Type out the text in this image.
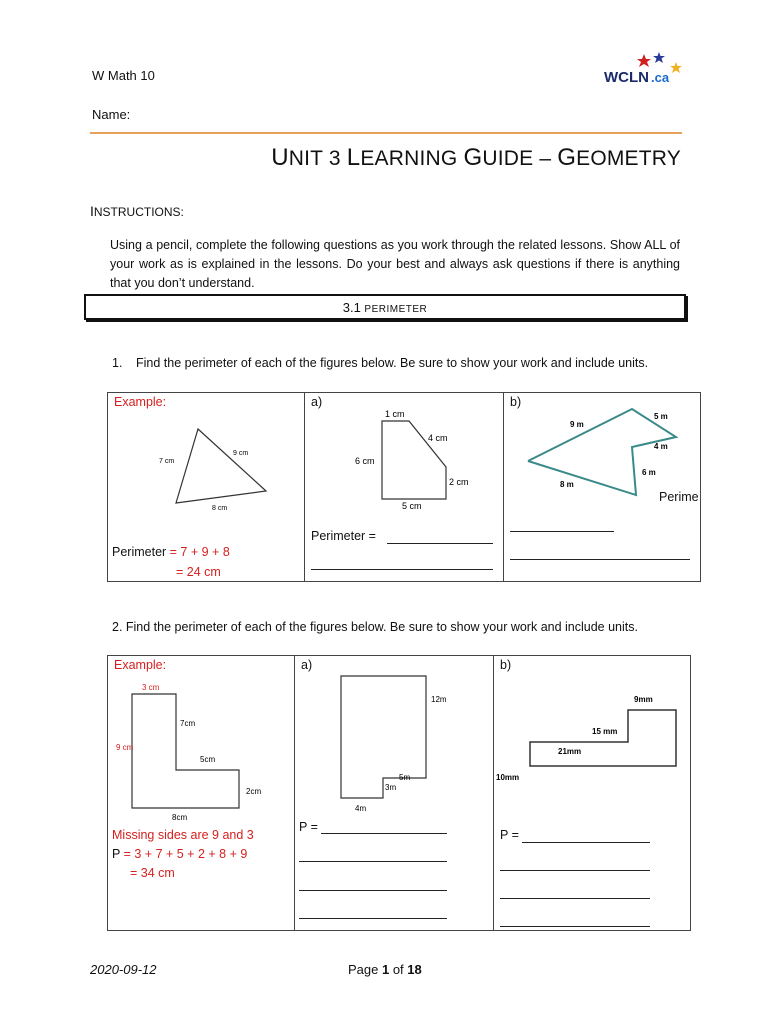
W Math 10
Name:
WCLN .ca
UNIT 3 LEARNING GUIDE – GEOMETRY
INSTRUCTIONS:
Using a pencil, complete the following questions as you work through the related lessons. Show ALL of your work as is explained in the lessons. Do your best and always ask questions if there is anything that you don’t understand.
3.1 PERIMETER
1.	Find the perimeter of each of the figures below. Be sure to show your work and include units.
Example:
7 cm
9 cm
8 cm
Perimeter = 7 + 9 + 8
= 24 cm

a)
1 cm
4 cm
6 cm
2 cm
5 cm
Perimeter =

b)
9 m
5 m
4 m
6 m
8 m
Perime
2. Find the perimeter of each of the figures below. Be sure to show your work and include units.
Example:
3 cm
7cm
9 cm
5cm
2cm
8cm
Missing sides are 9 and 3
P = 3 + 7 + 5 + 2 + 8 + 9
= 34 cm

a)
12m
5m
3m
4m
P =

b)
9mm
15 mm
21mm
10mm
P =
2020-09-12	Page 1 of 18
